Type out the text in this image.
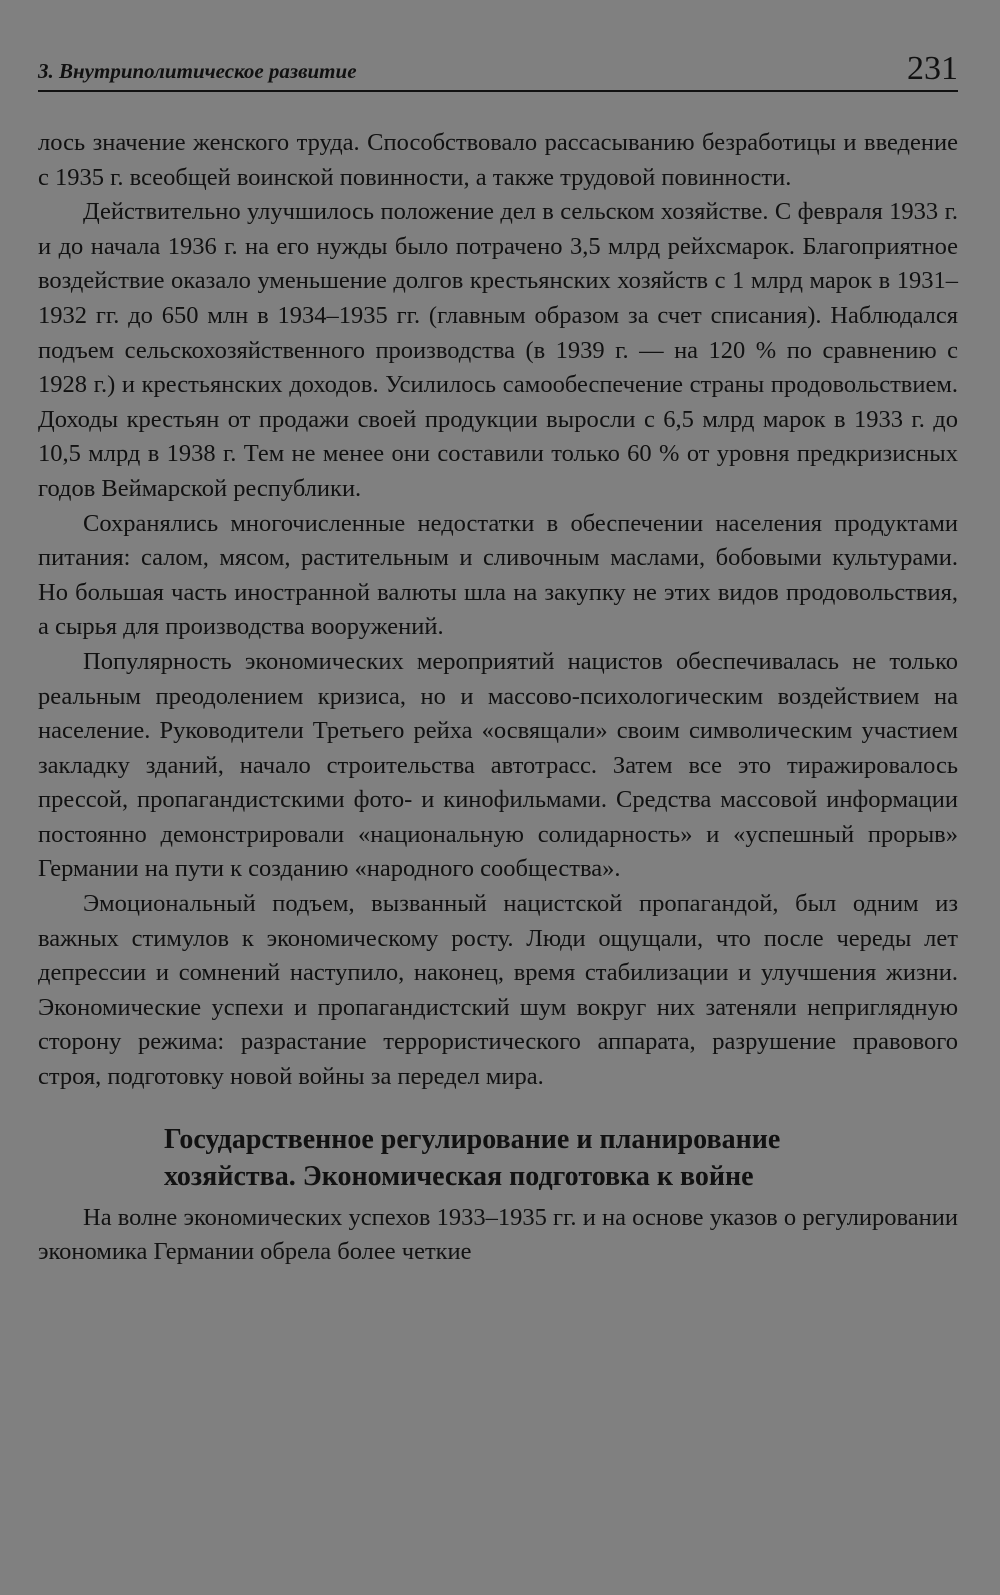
3. Внутриполитическое развитие	231

лось значение женского труда. Способствовало рассасыванию безработицы и введение с 1935 г. всеобщей воинской повинности, а также трудовой повинности.

Действительно улучшилось положение дел в сельском хозяйстве. С февраля 1933 г. и до начала 1936 г. на его нужды было потрачено 3,5 млрд рейхсмарок. Благоприятное воздействие оказало уменьшение долгов крестьянских хозяйств с 1 млрд марок в 1931–1932 гг. до 650 млн в 1934–1935 гг. (главным образом за счет списания). Наблюдался подъем сельскохозяйственного производства (в 1939 г. — на 120 % по сравнению с 1928 г.) и крестьянских доходов. Усилилось самообеспечение страны продовольствием. Доходы крестьян от продажи своей продукции выросли с 6,5 млрд марок в 1933 г. до 10,5 млрд в 1938 г. Тем не менее они составили только 60 % от уровня предкризисных годов Веймарской республики.

Сохранялись многочисленные недостатки в обеспечении населения продуктами питания: салом, мясом, растительным и сливочным маслами, бобовыми культурами. Но большая часть иностранной валюты шла на закупку не этих видов продовольствия, а сырья для производства вооружений.

Популярность экономических мероприятий нацистов обеспечивалась не только реальным преодолением кризиса, но и массово-психологическим воздействием на население. Руководители Третьего рейха «освящали» своим символическим участием закладку зданий, начало строительства автотрасс. Затем все это тиражировалось прессой, пропагандистскими фото- и кинофильмами. Средства массовой информации постоянно демонстрировали «национальную солидарность» и «успешный прорыв» Германии на пути к созданию «народного сообщества».

Эмоциональный подъем, вызванный нацистской пропагандой, был одним из важных стимулов к экономическому росту. Люди ощущали, что после череды лет депрессии и сомнений наступило, наконец, время стабилизации и улучшения жизни. Экономические успехи и пропагандистский шум вокруг них затеняли неприглядную сторону режима: разрастание террористического аппарата, разрушение правового строя, подготовку новой войны за передел мира.

Государственное регулирование и планирование
хозяйства. Экономическая подготовка к войне

На волне экономических успехов 1933–1935 гг. и на основе указов о регулировании экономика Германии обрела более четкие
